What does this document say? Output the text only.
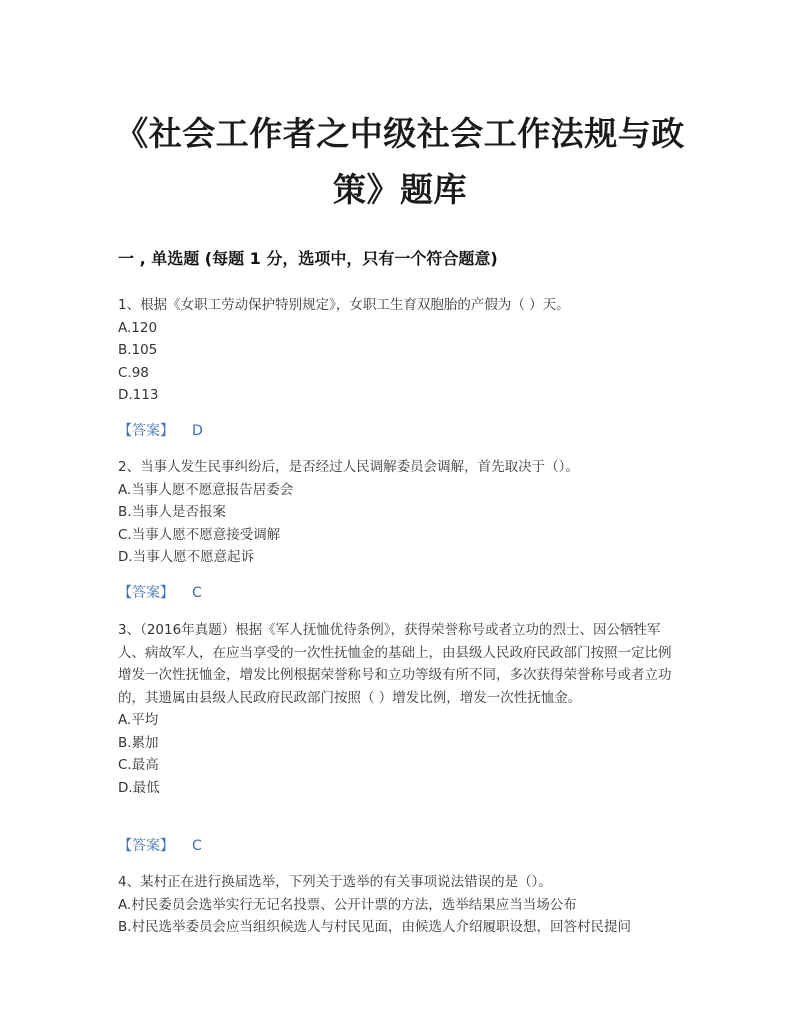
《社会工作者之中级社会工作法规与政策》题库
一 , 单选题 (每题 1 分，选项中，只有一个符合题意)

1、根据《女职工劳动保护特别规定》，女职工生育双胞胎的产假为（ ）天。

A.120

B.105

C.98

D.113

【答案】 D

2、当事人发生民事纠纷后，是否经过人民调解委员会调解，首先取决于（）。

A.当事人愿不愿意报告居委会

B.当事人是否报案

C.当事人愿不愿意接受调解

D.当事人愿不愿意起诉

【答案】 C

3、（2016年真题）根据《军人抚恤优待条例》，获得荣誉称号或者立功的烈士、因公牺牲军人、病故军人，在应当享受的一次性抚恤金的基础上，由县级人民政府民政部门按照一定比例增发一次性抚恤金，增发比例根据荣誉称号和立功等级有所不同，多次获得荣誉称号或者立功的，其遗属由县级人民政府民政部门按照（ ）增发比例，增发一次性抚恤金。

A.平均

B.累加

C.最高

D.最低

【答案】 C

4、某村正在进行换届选举，下列关于选举的有关事项说法错误的是（）。

A.村民委员会选举实行无记名投票、公开计票的方法，选举结果应当当场公布

B.村民选举委员会应当组织候选人与村民见面，由候选人介绍履职设想，回答村民提问
